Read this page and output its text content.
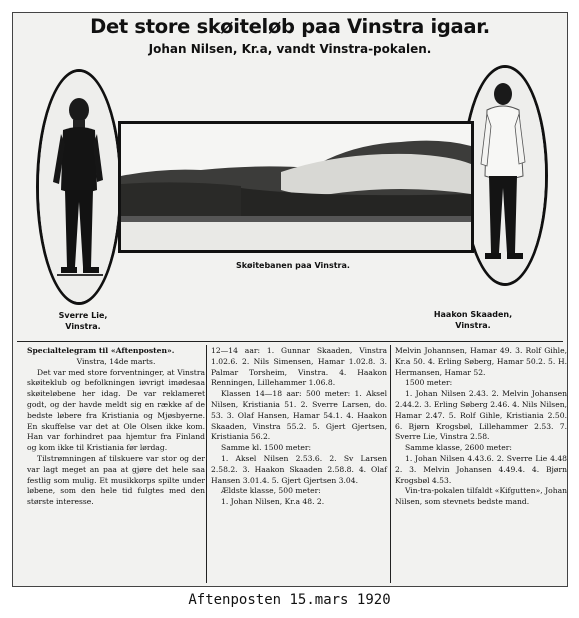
Det store skøiteløb paa Vinstra igaar.
Johan Nilsen, Kr.a, vandt Vinstra-pokalen.
Skøitebanen paa Vinstra.
Sverre Lie,
Vinstra.
Haakon Skaaden,
Vinstra.

Specialtelegram til «Aftenposten».

Vinstra, 14de marts.

Det var med store forventninger, at Vinstra skøiteklub og befolkningen iøvrigt imødesaa skøiteløbene her idag. De var reklameret godt, og der havde meldt sig en række af de bedste løbere fra Kristiania og Mjøsbyerne. En skuffelse var det at Ole Olsen ikke kom. Han var forhindret paa hjemtur fra Finland og kom ikke til Kristiania før lørdag.

Tilstrømningen af tilskuere var stor og der var lagt meget an paa at gjøre det hele saa festlig som mulig. Et musikkorps spilte under løbene, som den hele tid fulgtes med den største interesse.

12—14 aar: 1. Gunnar Skaaden, Vinstra 1.02.6. 2. Nils Simensen, Hamar 1.02.8. 3. Palmar Torsheim, Vinstra. 4. Haakon Renningen, Lillehammer 1.06.8.

Klassen 14—18 aar: 500 meter: 1. Aksel Nilsen, Kristiania 51. 2. Sverre Larsen, do. 53. 3. Olaf Hansen, Hamar 54.1. 4. Haakon Skaaden, Vinstra 55.2. 5. Gjert Gjertsen, Kristiania 56.2.

Samme kl. 1500 meter:

1. Aksel Nilsen 2.53.6. 2. Sv Larsen 2.58.2. 3. Haakon Skaaden 2.58.8. 4. Olaf Hansen 3.01.4. 5. Gjert Gjertsen 3.04.

Ældste klasse, 500 meter:

1. Johan Nilsen, Kr.a 48. 2.

Melvin Johannsen, Hamar 49. 3. Rolf Gihle, Kr.a 50. 4. Erling Søberg, Hamar 50.2. 5. H. Hermansen, Hamar 52.

1500 meter:

1. Johan Nilsen 2.43. 2. Melvin Johansen 2.44.2. 3. Erling Søberg 2.46. 4. Nils Nilsen, Hamar 2.47. 5. Rolf Gihle, Kristiania 2.50. 6. Bjørn Krogsbøl, Lillehammer 2.53. 7. Sverre Lie, Vinstra 2.58.

Samme klasse, 2600 meter:

1. Johan Nilsen 4.43.6. 2. Sverre Lie 4.48 2. 3. Melvin Johansen 4.49.4. 4. Bjørn Krogsbøl 4.53.

Vin-tra-pokalen tilfaldt «Kifgutten», Johan Nilsen, som stevnets bedste mand.

Aftenposten 15.mars 1920
